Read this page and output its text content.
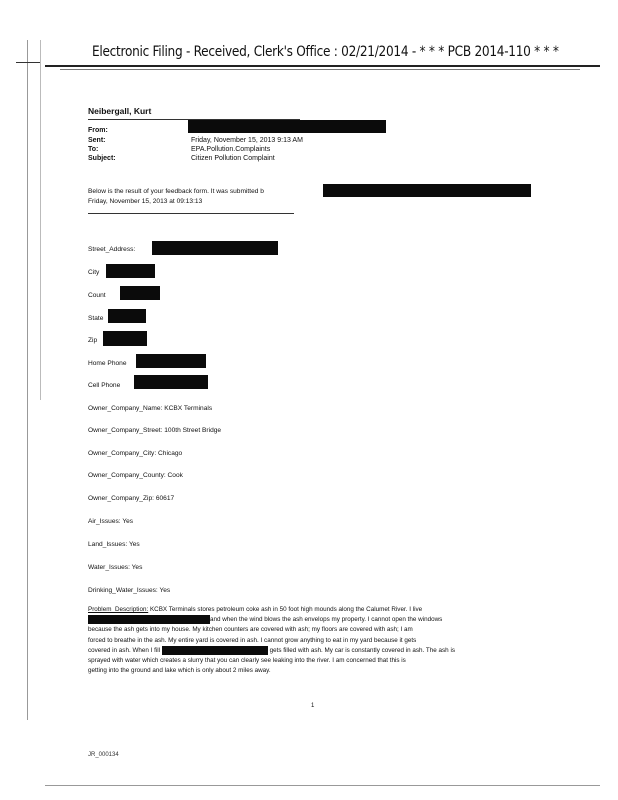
Electronic Filing - Received, Clerk's Office : 02/21/2014 - * * * PCB 2014-110 * * *
Neibergall, Kurt
From:
Sent:	Friday, November 15, 2013 9:13 AM
To:	EPA.Pollution.Complaints
Subject:	Citizen Pollution Complaint
Below is the result of your feedback form. It was submitted b
Friday, November 15, 2013 at 09:13:13
Street_Address:
City
Count
State
Zip
Home Phone
Cell Phone
Owner_Company_Name: KCBX Terminals
Owner_Company_Street: 100th Street Bridge
Owner_Company_City: Chicago
Owner_Company_County: Cook
Owner_Company_Zip: 60617
Air_Issues: Yes
Land_Issues: Yes
Water_Issues: Yes
Drinking_Water_Issues: Yes
Problem_Description: KCBX Terminals stores petroleum coke ash in 50 foot high mounds along the Calumet River. I live
and when the wind blows the ash envelops my property. I cannot open the windows
because the ash gets into my house. My kitchen counters are covered with ash; my floors are covered with ash; I am
forced to breathe in the ash. My entire yard is covered in ash. I cannot grow anything to eat in my yard because it gets
covered in ash. When I fill	gets filled with ash. My car is constantly covered in ash. The ash is
sprayed with water which creates a slurry that you can clearly see leaking into the river. I am concerned that this is
getting into the ground and lake which is only about 2 miles away.
1
JR_000134
